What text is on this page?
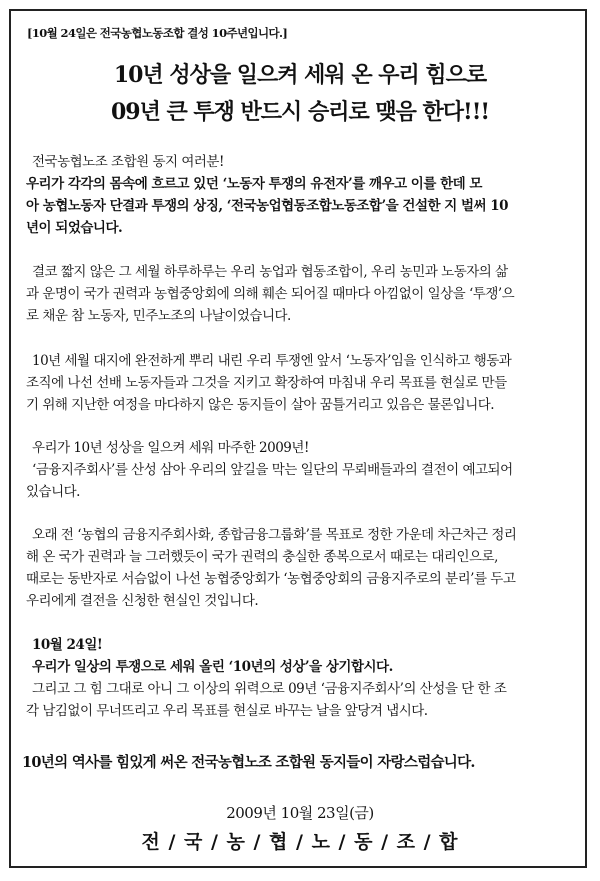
[10월 24일은 전국농협노동조합 결성 10주년입니다.]
10년 성상을 일으켜 세워 온 우리 힘으로
09년 큰 투쟁 반드시 승리로 맺음 한다!!!
전국농협노조 조합원 동지 여러분!
우리가 각각의 몸속에 흐르고 있던 ‘노동자 투쟁의 유전자’를 깨우고 이를 한데 모
아 농협노동자 단결과 투쟁의 상징, ‘전국농업협동조합노동조합’을 건설한 지 벌써 10
년이 되었습니다.
결코 짧지 않은 그 세월 하루하루는 우리 농업과 협동조합이, 우리 농민과 노동자의 삶
과 운명이 국가 권력과 농협중앙회에 의해 훼손 되어질 때마다 아낌없이 일상을 ‘투쟁’으
로 채운 참 노동자, 민주노조의 나날이었습니다.
10년 세월 대지에 완전하게 뿌리 내린 우리 투쟁엔 앞서 ‘노동자’임을 인식하고 행동과
조직에 나선 선배 노동자들과 그것을 지키고 확장하여 마침내 우리 목표를 현실로 만들
기 위해 지난한 여정을 마다하지 않은 동지들이 살아 꿈틀거리고 있음은 물론입니다.
우리가 10년 성상을 일으켜 세워 마주한 2009년!
‘금융지주회사’를 산성 삼아 우리의 앞길을 막는 일단의 무뢰배들과의 결전이 예고되어
있습니다.
오래 전 ‘농협의 금융지주회사화, 종합금융그룹화’를 목표로 정한 가운데 차근차근 정리
해 온 국가 권력과 늘 그러했듯이 국가 권력의 충실한 종복으로서 때로는 대리인으로,
때로는 동반자로 서슴없이 나선 농협중앙회가 ‘농협중앙회의 금융지주로의 분리’를 두고
우리에게 결전을 신청한 현실인 것입니다.
10월 24일!
우리가 일상의 투쟁으로 세워 올린 ‘10년의 성상’을 상기합시다.
그리고 그 힘 그대로 아니 그 이상의 위력으로 09년 ‘금융지주회사’의 산성을 단 한 조
각 남김없이 무너뜨리고 우리 목표를 현실로 바꾸는 날을 앞당겨 냅시다.
10년의 역사를 힘있게 써온 전국농협노조 조합원 동지들이 자랑스럽습니다.
2009년 10월 23일(금)
전 / 국 / 농 / 협 / 노 / 동 / 조 / 합
